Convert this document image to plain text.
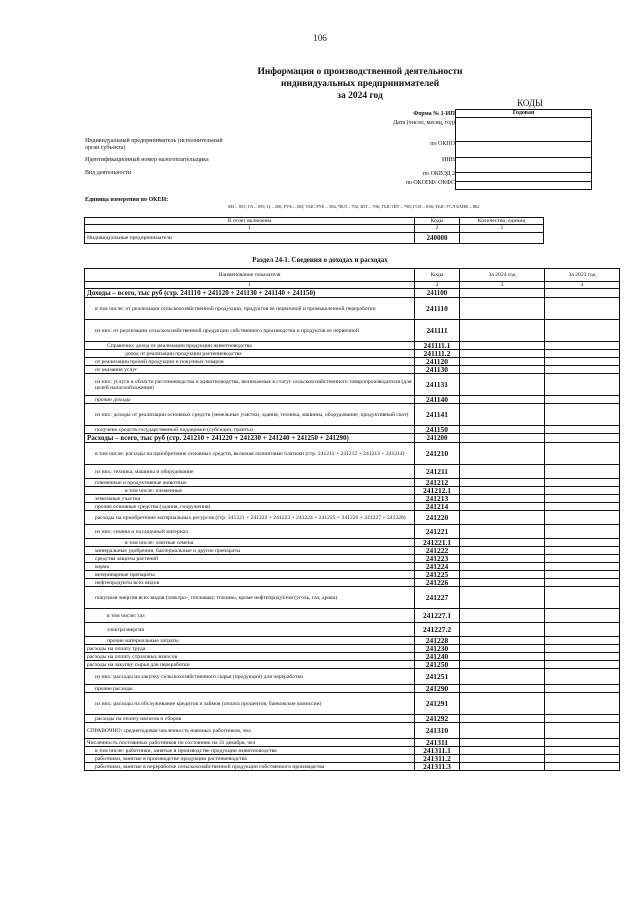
106
Информация о производственной деятельности
индивидуальных предпринимателей
за 2024 год
КОДЫ
Форма № 1-ИП
Дата (число, месяц, год)
по ОКПО
ИНН
по ОКВЭД 2
по ОКОПФ/ ОКФС
Годовая
Индивидуальный предприниматель (исполнительный орган субъекта)
Идентификационный номер налогоплательщика
Вид деятельности
Единица измерения по ОКЕИ:
МЗ – 055; ГА – 059; Ц – 206; РУБ – 383; ТЫС РУБ – 384; ЧЕЛ – 792; ШТ – 796; ТЫС ШТ – 798; ГОЛ – 836; ТЫС УСЛ БАНК – 862
В отчет включены	Коды	Количество, единиц
1	2	3
Индивидуальные предприниматели	240000	
Раздел 24-1. Сведения о доходах и расходах
Наименование показателя	Коды	За 2024 год	За 2023 год
1	2	3	4
Доходы – всего, тыс руб (стр. 241110 + 241120 + 241130 + 241140 + 241150)	241100		
в том числе: от реализации сельскохозяйственной продукции, продуктов ее первичной и промышленной переработки	241110		
из них: от реализации сельскохозяйственной продукции собственного производства и продуктов ее первичной	241111		
Справочно: доход от реализации продукции животноводства	241111.1		
доход от реализации продукции растениеводства	241111.2		
от реализации прочей продукции и покупных товаров	241120		
от оказания услуг	241130		
из них: услуги в области растениеводства и животноводства, включаемые в статус сельскохозяйственного товаропроизводителя (для целей налогообложения)	241131		
прочие доходы	241140		
из них: доходы от реализации основных средств (земельные участки, здания, техника, машины, оборудование, продуктивный скот)	241141		
получено средств государственной поддержки (субсидии, гранты)	241150		
Расходы – всего, тыс руб (стр. 241210 + 241220 + 241230 + 241240 + 241250 + 241290)	241200		
в том числе: расходы на приобретение основных средств, включая лизинговые платежи (стр. 241211 + 241212 + 241213 + 241214)	241210		
из них: техника, машины и оборудование	241211		
племенные и продуктивные животные	241212		
в том числе: племенные	241212.1		
земельные участки	241213		
прочие основные средства (здания, сооружения)	241214		
расходы на приобретение материальных ресурсов (стр. 241221 + 241222 + 241223 + 241224 + 241225 + 241226 + 241227 + 241228)	241220		
из них: семена и посадочный материал	241221		
в том числе: элитные семена	241221.1		
минеральные удобрения, бактериальные и другие препараты	241222		
средства защиты растений	241223		
корма	241224		
ветеринарные препараты	241225		
нефтепродукты всех видов	241226		
покупная энергия всех видов (электро-, тепловая); топливо, кроме нефтепродуктов (уголь, газ, дрова)	241227		
в том числе: газ	241227.1		
электроэнергия	241227.2		
прочие материальные затраты	241228		
расходы на оплату труда	241230		
расходы на оплату страховых взносов	241240		
расходы на закупку сырья для переработки	241250		
из них: расходы на закупку сельскохозяйственного сырья (продукции) для переработки	241251		
прочие расходы	241290		
из них: расходы на обслуживание кредитов и займов (оплата процентов, банковские комиссии)	241291		
расходы на оплату налогов и сборов	241292		
СПРАВОЧНО: среднегодовая численность наемных работников, чел	241310		
Численность постоянных работников по состоянию на 31 декабря, чел	241311		
в том числе: работники, занятые в производстве продукции животноводства	241311.1		
работники, занятые в производстве продукции растениеводства	241311.2		
работники, занятые в переработке сельскохозяйственной продукции собственного производства	241311.3		
